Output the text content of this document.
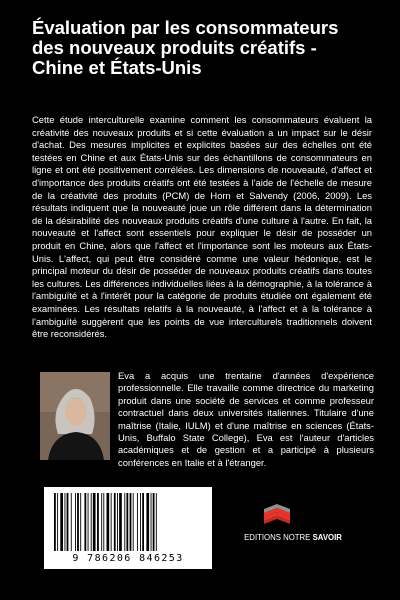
Évaluation par les consommateurs des nouveaux produits créatifs - Chine et États-Unis

Cette étude interculturelle examine comment les consommateurs évaluent la créativité des nouveaux produits et si cette évaluation a un impact sur le désir d'achat. Des mesures implicites et explicites basées sur des échelles ont été testées en Chine et aux États-Unis sur des échantillons de consommateurs en ligne et ont été positivement corrélées. Les dimensions de nouveauté, d'affect et d'importance des produits créatifs ont été testées à l'aide de l'échelle de mesure de la créativité des produits (PCM) de Horn et Salvendy (2006, 2009). Les résultats indiquent que la nouveauté joue un rôle différent dans la détermination de la désirabilité des nouveaux produits créatifs d'une culture à l'autre. En fait, la nouveauté et l'affect sont essentiels pour expliquer le désir de posséder un produit en Chine, alors que l'affect et l'importance sont les moteurs aux États-Unis. L'affect, qui peut être considéré comme une valeur hédonique, est le principal moteur du désir de posséder de nouveaux produits créatifs dans toutes les cultures. Les différences individuelles liées à la démographie, à la tolérance à l'ambiguïté et à l'intérêt pour la catégorie de produits étudiée ont également été examinées. Les résultats relatifs à la nouveauté, à l'affect et à la tolérance à l'ambiguïté suggèrent que les points de vue interculturels traditionnels doivent être reconsidérés.

Eva a acquis une trentaine d'années d'expérience professionnelle. Elle travaille comme directrice du marketing produit dans une société de services et comme professeur contractuel dans deux universités italiennes. Titulaire d'une maîtrise (Italie, IULM) et d'une maîtrise en sciences (États-Unis, Buffalo State College), Eva est l'auteur d'articles académiques et de gestion et a participé à plusieurs conférences en Italie et à l'étranger.

9 786206 846253
EDITIONS NOTRE SAVOIR
